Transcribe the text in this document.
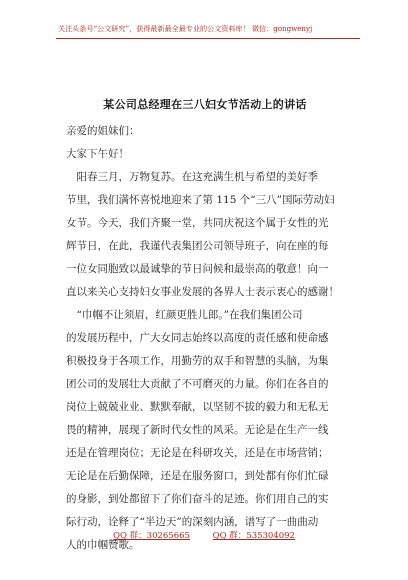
关注头条号“公文研究”，获得最新最全最专业的公文资料库！ 微信：gongwenyj
某公司总经理在三八妇女节活动上的讲话
亲爱的姐妹们：
大家下午好！
　阳春三月，万物复苏。在这充满生机与希望的美好季
节里，我们满怀喜悦地迎来了第 115 个“三八”国际劳动妇
女节。今天，我们齐聚一堂，共同庆祝这个属于女性的光
辉节日，在此，我谨代表集团公司领导班子，向在座的每
一位女同胞致以最诚挚的节日问候和最崇高的敬意！向一
直以来关心支持妇女事业发展的各界人士表示衷心的感谢！
　“巾帼不让须眉，红颜更胜儿郎。”在我们集团公司
的发展历程中，广大女同志始终以高度的责任感和使命感
积极投身于各项工作，用勤劳的双手和智慧的头脑，为集
团公司的发展壮大贡献了不可磨灭的力量。你们在各自的
岗位上兢兢业业、默默奉献，以坚韧不拔的毅力和无私无
畏的精神，展现了新时代女性的风采。无论是在生产一线
还是在管理岗位；无论是在科研攻关，还是在市场营销；
无论是在后勤保障，还是在服务窗口，到处都有你们忙碌
的身影，到处都留下了你们奋斗的足迹。你们用自己的实
际行动，诠释了“半边天”的深刻内涵，谱写了一曲曲动
人的巾帼赞歌。
QQ 群：30265665	QQ 群：535304092
